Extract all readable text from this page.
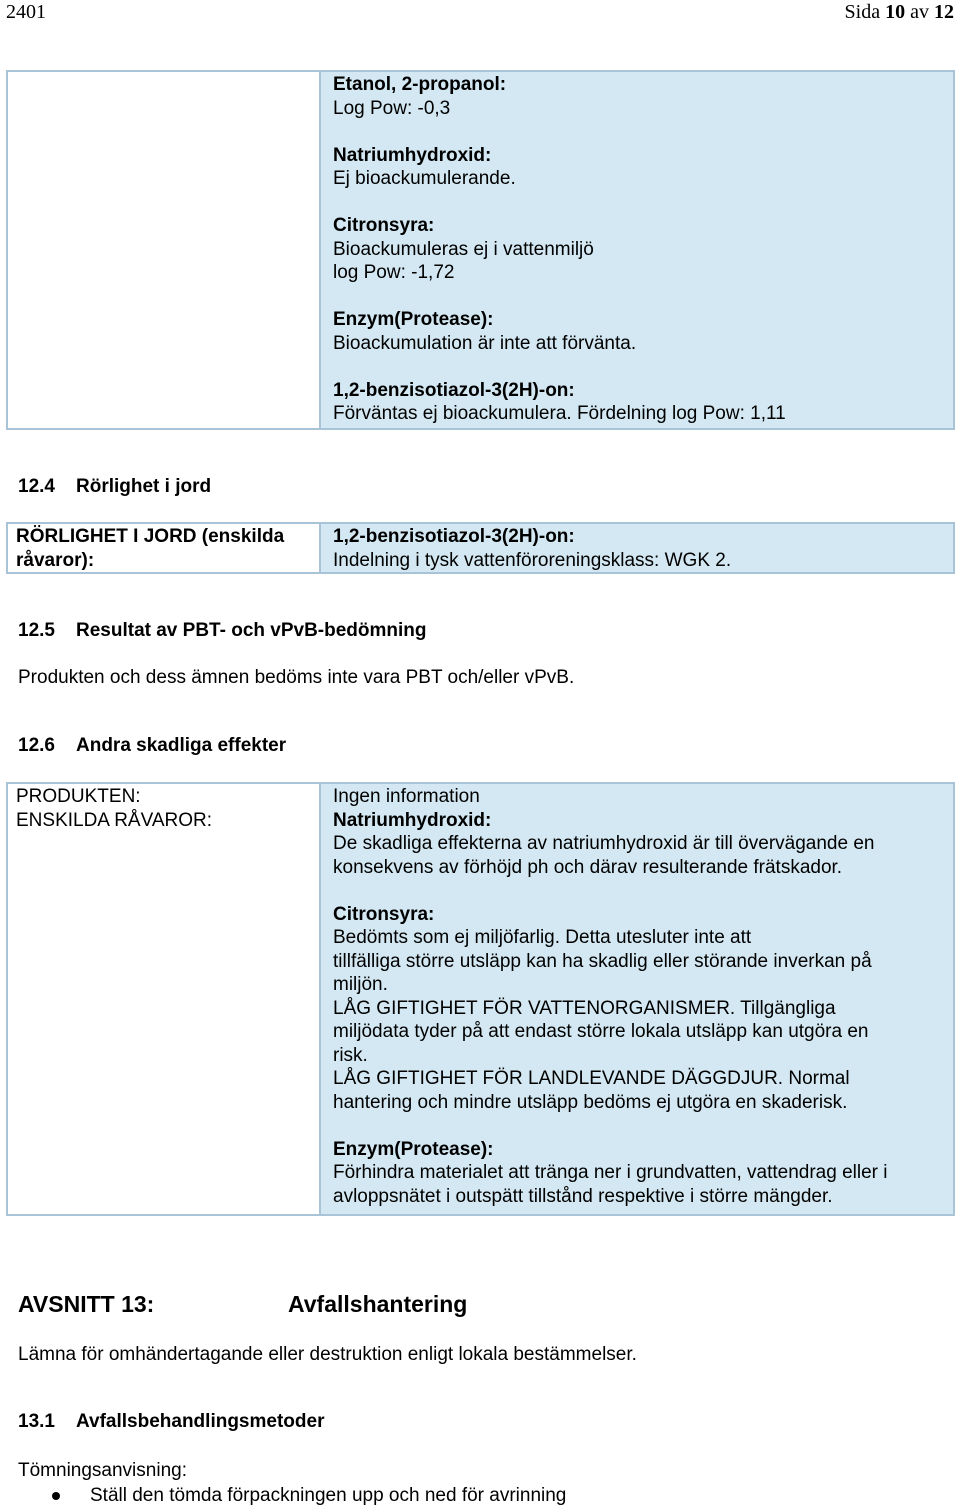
2401	Sida 10 av 12
Etanol, 2-propanol:
Log Pow: -0,3
Natriumhydroxid:
Ej bioackumulerande.
Citronsyra:
Bioackumuleras ej i vattenmiljö
log Pow: -1,72
Enzym(Protease):
Bioackumulation är inte att förvänta.
1,2-benzisotiazol-3(2H)-on:
Förväntas ej bioackumulera. Fördelning log Pow: 1,11
12.4 Rörlighet i jord
RÖRLIGHET I JORD (enskilda
råvaror):
1,2-benzisotiazol-3(2H)-on:
Indelning i tysk vattenföroreningsklass: WGK 2.
12.5 Resultat av PBT- och vPvB-bedömning
Produkten och dess ämnen bedöms inte vara PBT och/eller vPvB.
12.6 Andra skadliga effekter
PRODUKTEN:
ENSKILDA RÅVAROR:
Ingen information
Natriumhydroxid:
De skadliga effekterna av natriumhydroxid är till övervägande en
konsekvens av förhöjd ph och därav resulterande frätskador.
Citronsyra:
Bedömts som ej miljöfarlig. Detta utesluter inte att
tillfälliga större utsläpp kan ha skadlig eller störande inverkan på
miljön.
LÅG GIFTIGHET FÖR VATTENORGANISMER. Tillgängliga
miljödata tyder på att endast större lokala utsläpp kan utgöra en
risk.
LÅG GIFTIGHET FÖR LANDLEVANDE DÄGGDJUR. Normal
hantering och mindre utsläpp bedöms ej utgöra en skaderisk.
Enzym(Protease):
Förhindra materialet att tränga ner i grundvatten, vattendrag eller i
avloppsnätet i outspätt tillstånd respektive i större mängder.
AVSNITT 13:	Avfallshantering
Lämna för omhändertagande eller destruktion enligt lokala bestämmelser.
13.1 Avfallsbehandlingsmetoder
Tömningsanvisning:
Ställ den tömda förpackningen upp och ned för avrinning
